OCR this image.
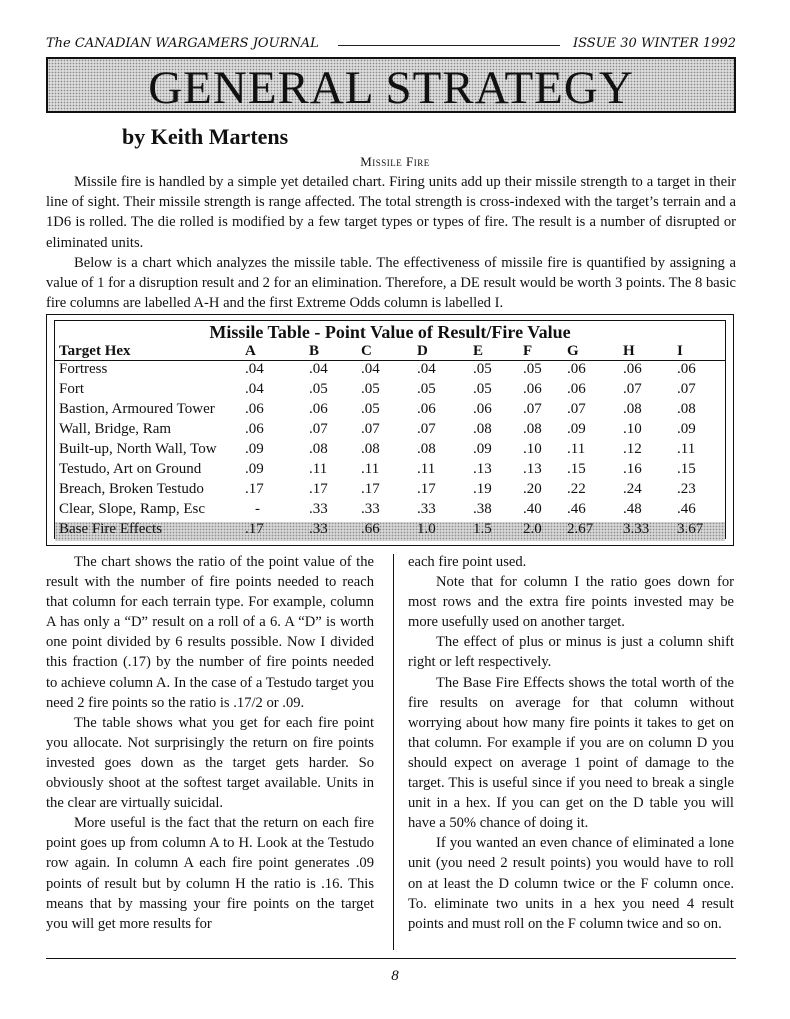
The CANADIAN WARGAMERS JOURNAL	ISSUE 30 WINTER 1992
GENERAL STRATEGY
by Keith Martens
Missile Fire

Missile fire is handled by a simple yet detailed chart. Firing units add up their missile strength to a target in their line of sight. Their missile strength is range affected. The total strength is cross-indexed with the target’s terrain and a 1D6 is rolled. The die rolled is modified by a few target types or types of fire. The result is a number of disrupted or eliminated units.

Below is a chart which analyzes the missile table. The effectiveness of missile fire is quantified by assigning a value of 1 for a disruption result and 2 for an elimination. Therefore, a DE result would be worth 3 points. The 8 basic fire columns are labelled A-H and the first Extreme Odds column is labelled I.

Missile Table - Point Value of Result/Fire Value
Target Hex	A	B	C	D	E	F G	H	I
Fortress	.04	.04 .04 .04 .05 .05 .06 .06 .06
Fort	.04	.05 .05 .05 .05 .06 .06 .07 .07
Bastion, Armoured Tower .06	.06 .05 .06 .06 .07 .07 .08 .08
Wall, Bridge, Ram	.06	.07 .07 .07 .08 .08 .09 .10 .09
Built-up, North Wall, Tow .09	.08 .08 .08 .09 .10 .11	.12 .11
Testudo, Art on Ground	.09	.11 .11	.11	.13 .13 .15 .16 .15
Breach, Broken Testudo	.17	.17 .17 .17 .19 .20 .22 .24 .23
Clear, Slope, Ramp, Esc	-	.33 .33 .33 .38 .40 .46 .48 .46
Base Fire Effects	.17	.33 .66 1.0 1.5 2.0 2.67 3.33 3.67

The chart shows the ratio of the point value of the result with the number of fire points needed to reach that column for each terrain type. For example, column A has only a “D” result on a roll of a 6. A “D” is worth one point divided by 6 results possible. Now I divided this fraction (.17) by the number of fire points needed to achieve column A. In the case of a Testudo target you need 2 fire points so the ratio is .17/2 or .09.

The table shows what you get for each fire point you allocate. Not surprisingly the return on fire points invested goes down as the target gets harder. So obviously shoot at the softest target available. Units in the clear are virtually suicidal.

More useful is the fact that the return on each fire point goes up from column A to H. Look at the Testudo row again. In column A each fire point generates .09 points of result but by column H the ratio is .16. This means that by massing your fire points on the target you will get more results for

each fire point used.

Note that for column I the ratio goes down for most rows and the extra fire points invested may be more usefully used on another target.

The effect of plus or minus is just a column shift right or left respectively.

The Base Fire Effects shows the total worth of the fire results on average for that column without worrying about how many fire points it takes to get on that column. For example if you are on column D you should expect on average 1 point of damage to the target. This is useful since if you need to break a single unit in a hex. If you can get on the D table you will have a 50% chance of doing it.

If you wanted an even chance of eliminated a lone unit (you need 2 result points) you would have to roll on at least the D column twice or the F column once. To. eliminate two units in a hex you need 4 result points and must roll on the F column twice and so on.

8
